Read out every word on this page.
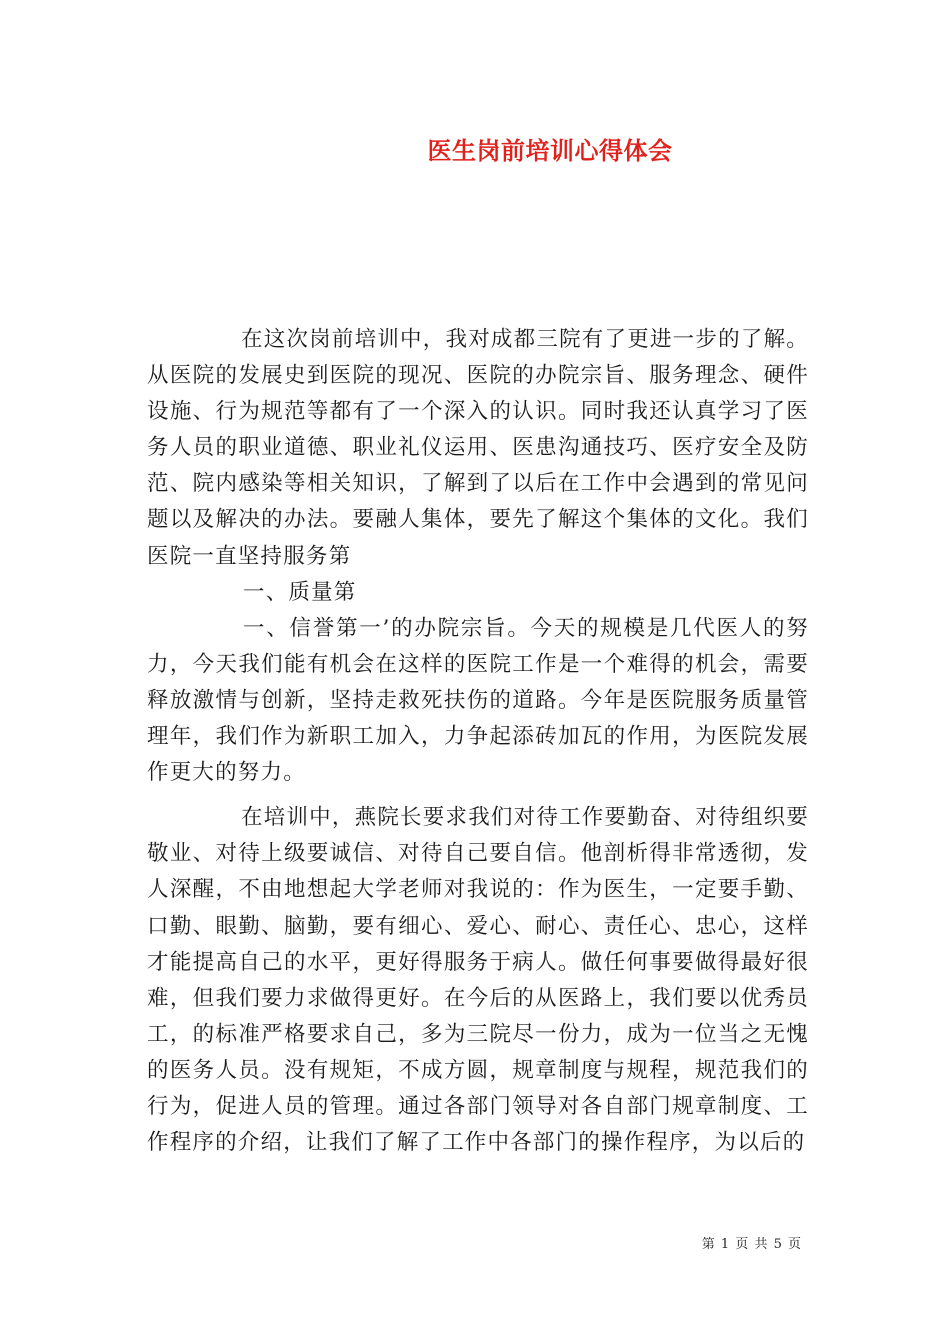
医生岗前培训心得体会

在这次岗前培训中，我对成都三院有了更进一步的了解。从医院的发展史到医院的现况、医院的办院宗旨、服务理念、硬件设施、行为规范等都有了一个深入的认识。同时我还认真学习了医务人员的职业道德、职业礼仪运用、医患沟通技巧、医疗安全及防范、院内感染等相关知识，了解到了以后在工作中会遇到的常见问题以及解决的办法。要融人集体，要先了解这个集体的文化。我们医院一直坚持服务第

一、质量第

一、信誉第一’的办院宗旨。今天的规模是几代医人的努力，今天我们能有机会在这样的医院工作是一个难得的机会，需要释放激情与创新，坚持走救死扶伤的道路。今年是医院服务质量管理年，我们作为新职工加入，力争起添砖加瓦的作用，为医院发展作更大的努力。

在培训中，燕院长要求我们对待工作要勤奋、对待组织要敬业、对待上级要诚信、对待自己要自信。他剖析得非常透彻，发人深醒，不由地想起大学老师对我说的：作为医生，一定要手勤、口勤、眼勤、脑勤，要有细心、爱心、耐心、责任心、忠心，这样才能提高自己的水平，更好得服务于病人。做任何事要做得最好很难，但我们要力求做得更好。在今后的从医路上，我们要以优秀员工，的标准严格要求自己，多为三院尽一份力，成为一位当之无愧的医务人员。没有规矩，不成方圆，规章制度与规程，规范我们的行为，促进人员的管理。通过各部门领导对各自部门规章制度、工作程序的介绍，让我们了解了工作中各部门的操作程序，为以后的

第 1 页 共 5 页
